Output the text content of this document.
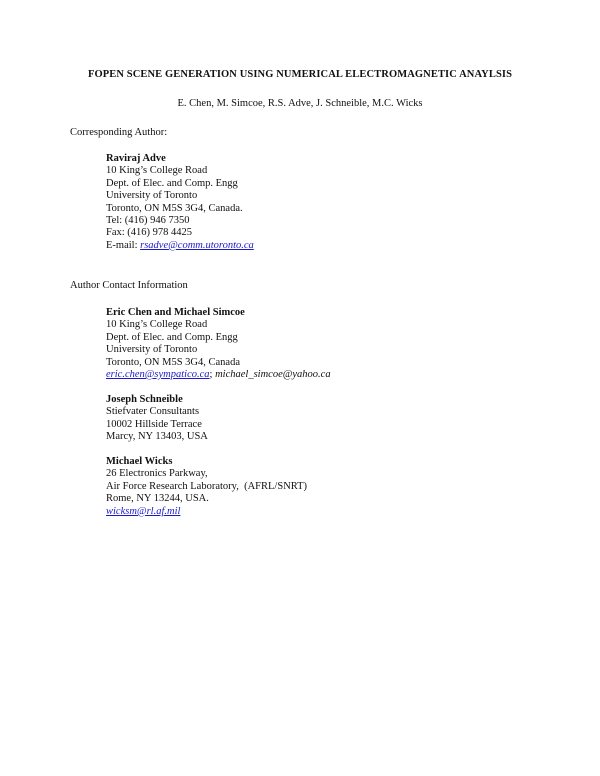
FOPEN SCENE GENERATION USING NUMERICAL ELECTROMAGNETIC ANAYLSIS
E. Chen, M. Simcoe, R.S. Adve, J. Schneible, M.C. Wicks
Corresponding Author:
Raviraj Adve
10 King’s College Road
Dept. of Elec. and Comp. Engg
University of Toronto
Toronto, ON M5S 3G4, Canada.
Tel: (416) 946 7350
Fax: (416) 978 4425
E-mail: rsadve@comm.utoronto.ca
Author Contact Information
Eric Chen and Michael Simcoe
10 King’s College Road
Dept. of Elec. and Comp. Engg
University of Toronto
Toronto, ON M5S 3G4, Canada
eric.chen@sympatico.ca; michael_simcoe@yahoo.ca
Joseph Schneible
Stiefvater Consultants
10002 Hillside Terrace
Marcy, NY 13403, USA
Michael Wicks
26 Electronics Parkway,
Air Force Research Laboratory,  (AFRL/SNRT)
Rome, NY 13244, USA.
wicksm@rl.af.mil
